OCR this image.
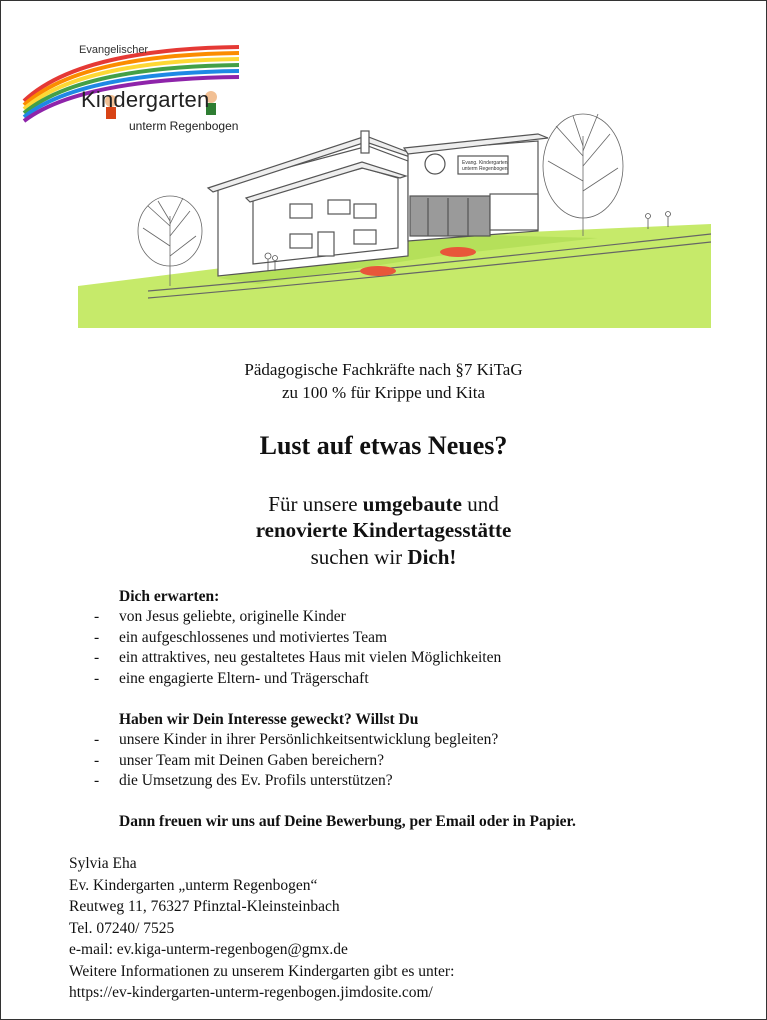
Evangelischer
Kindergarten
unterm Regenbogen
Evang. Kindergarten
unterm Regenbogen
Pädagogische Fachkräfte nach §7 KiTaG
zu 100 % für Krippe und Kita
Lust auf etwas Neues?
Für unsere umgebaute und
renovierte Kindertagesstätte
suchen wir Dich!
Dich erwarten:
- von Jesus geliebte, originelle Kinder
- ein aufgeschlossenes und motiviertes Team
- ein attraktives, neu gestaltetes Haus mit vielen Möglichkeiten
- eine engagierte Eltern- und Trägerschaft
Haben wir Dein Interesse geweckt? Willst Du
- unsere Kinder in ihrer Persönlichkeitsentwicklung begleiten?
- unser Team mit Deinen Gaben bereichern?
- die Umsetzung des Ev. Profils unterstützen?
Dann freuen wir uns auf Deine Bewerbung, per Email oder in Papier.
Sylvia Eha
Ev. Kindergarten „unterm Regenbogen“
Reutweg 11, 76327 Pfinztal-Kleinsteinbach
Tel. 07240/ 7525
e-mail: ev.kiga-unterm-regenbogen@gmx.de
Weitere Informationen zu unserem Kindergarten gibt es unter:
https://ev-kindergarten-unterm-regenbogen.jimdosite.com/
